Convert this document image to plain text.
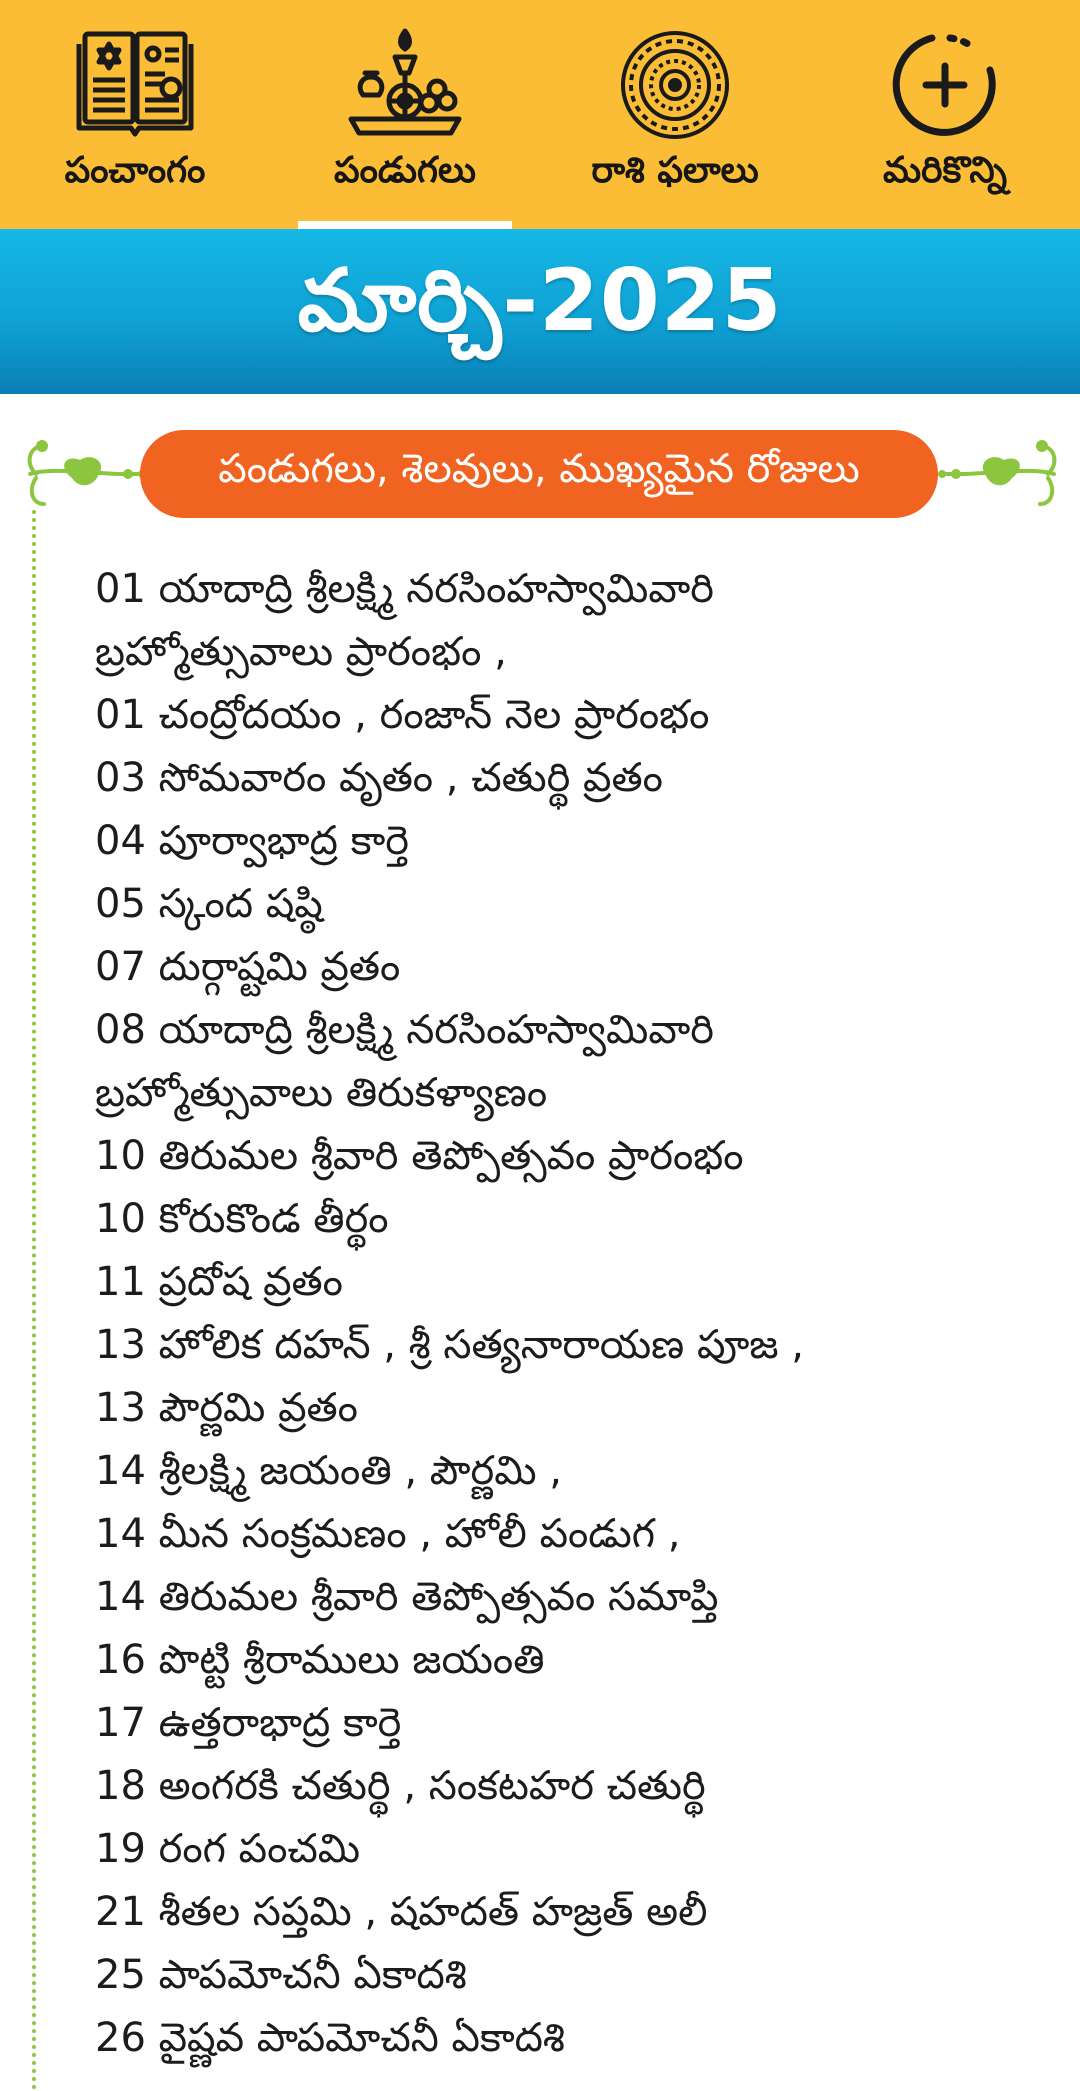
పంచాంగం	పండుగలు	రాశి ఫలాలు	మరికొన్ని
మార్చి-2025
పండుగలు, శెలవులు, ముఖ్యమైన రోజులు
01 యాదాద్రి శ్రీలక్ష్మి నరసింహస్వామివారి
బ్రహ్మోత్సువాలు ప్రారంభం ,
01 చంద్రోదయం , రంజాన్ నెల ప్రారంభం
03 సోమవారం వృతం , చతుర్థి వ్రతం
04 పూర్వాభాద్ర కార్తె
05 స్కంద షష్ఠి
07 దుర్గాష్టమి వ్రతం
08 యాదాద్రి శ్రీలక్ష్మి నరసింహస్వామివారి
బ్రహ్మోత్సువాలు తిరుకళ్యాణం
10 తిరుమల శ్రీవారి తెప్పోత్సవం ప్రారంభం
10 కోరుకొండ తీర్థం
11 ప్రదోష వ్రతం
13 హోలిక దహన్ , శ్రీ సత్యనారాయణ పూజ ,
13 పౌర్ణమి వ్రతం
14 శ్రీలక్ష్మి జయంతి , పౌర్ణమి ,
14 మీన సంక్రమణం , హోలీ పండుగ ,
14 తిరుమల శ్రీవారి తెప్పోత్సవం సమాప్తి
16 పొట్టి శ్రీరాములు జయంతి
17 ఉత్తరాభాద్ర కార్తె
18 అంగరకి చతుర్థి , సంకటహర చతుర్థి
19 రంగ పంచమి
21 శీతల సప్తమి , షహదత్ హజ్రత్ అలీ
25 పాపమోచనీ ఏకాదశి
26 వైష్ణవ పాపమోచనీ ఏకాదశి
